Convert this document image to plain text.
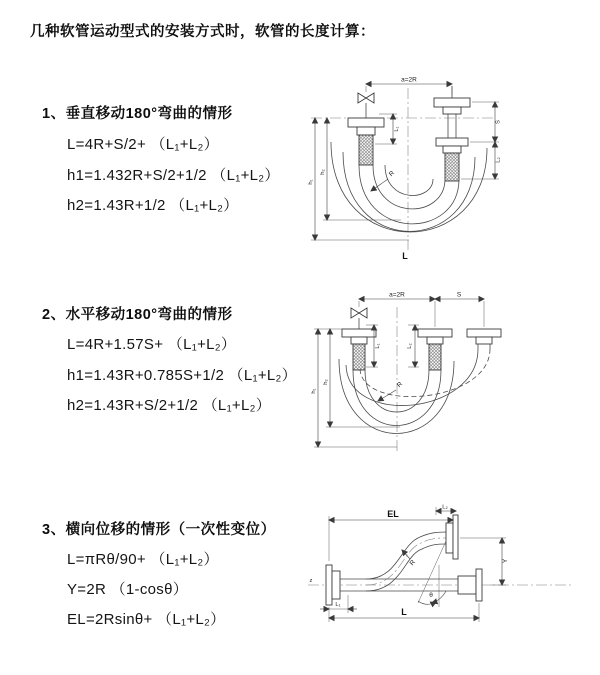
几种软管运动型式的安装方式时，软管的长度计算：
1、垂直移动180°弯曲的情形
L=4R+S/2+ （L₁+L₂）
h1=1.432R+S/2+1/2 （L₁+L₂）
h2=1.43R+1/2 （L₁+L₂）
a=2R
L₁
S
L₂
h₁
h₂	R
L
2、水平移动180°弯曲的情形
L=4R+1.57S+ （L₁+L₂）
h1=1.43R+0.785S+1/2 （L₁+L₂）
h2=1.43R+S/2+1/2 （L₁+L₂）
a=2R	S
L₁	L₂
h₁
h₂	R
3、横向位移的情形（一次性变位）
L=πRθ/90+ （L₁+L₂）
Y=2R （1-cosθ）
EL=2Rsinθ+ （L₁+L₂）
z
EL
L₂
Y
L
L₁
θ
R
